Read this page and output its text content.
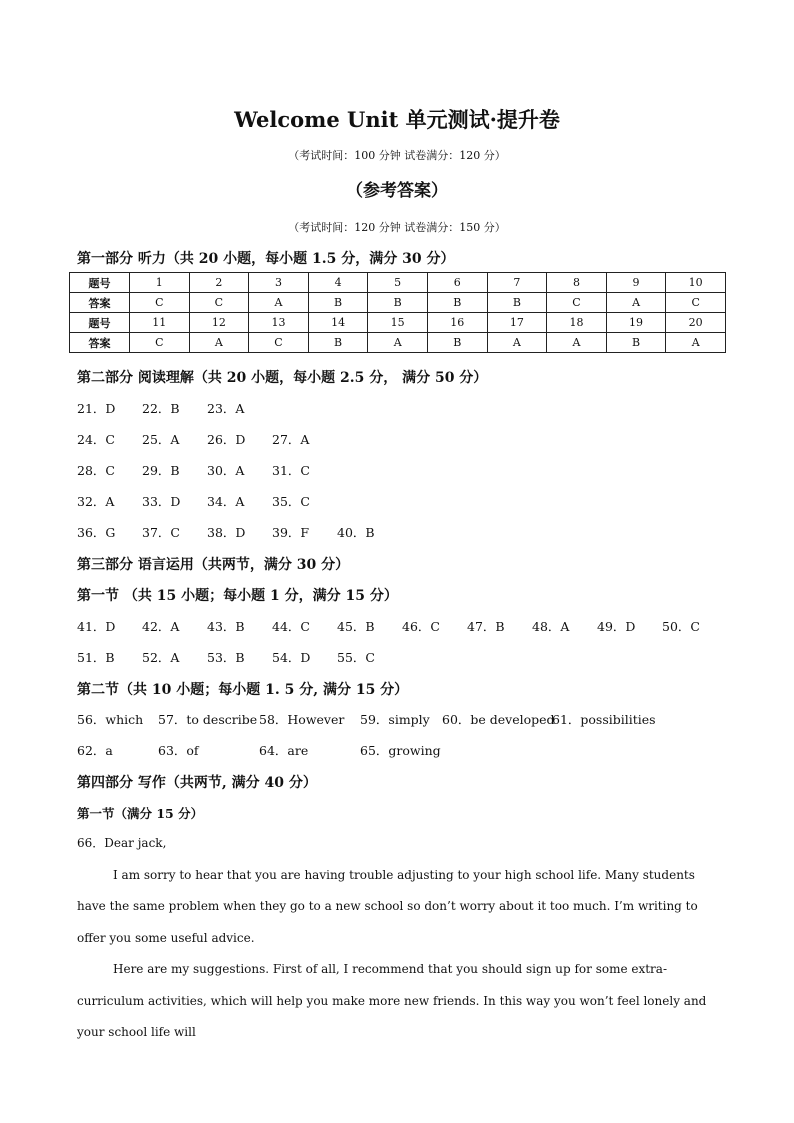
Welcome Unit 单元测试·提升卷
（考试时间：100 分钟 试卷满分：120 分）
（参考答案）
（考试时间：120 分钟 试卷满分：150 分）
第一部分 听力（共 20 小题，每小题 1.5 分，满分 30 分）
题号	1	2	3	4	5	6	7	8	9	10
答案	C	C	A	B	B	B	B	C	A	C
题号	11	12	13	14	15	16	17	18	19	20
答案	C	A	C	B	A	B	A	A	B	A
第二部分 阅读理解（共 20 小题，每小题 2.5 分， 满分 50 分）
21．D 22．B 23．A
24．C 25．A 26．D 27．A
28．C 29．B 30．A 31．C
32．A 33．D 34．A 35．C
36．G 37．C 38．D 39．F 40．B
第三部分 语言运用（共两节，满分 30 分）
第一节 （共 15 小题；每小题 1 分，满分 15 分）
41．D 42．A 43．B 44．C 45．B 46．C 47．B 48．A 49．D 50．C
51．B 52．A 53．B 54．D 55．C
第二节（共 10 小题；每小题 1. 5 分, 满分 15 分）
56．which 57．to describe 58．However 59．simply 60．be developed61．possibilities
62．a	63．of	64．are	65．growing
第四部分 写作（共两节, 满分 40 分）
第一节（满分 15 分）

66．Dear jack,

I am sorry to hear that you are having trouble adjusting to your high school life. Many students have the same problem when they go to a new school so don’t worry about it too much. I’m writing to offer you some useful advice.

Here are my suggestions. First of all, I recommend that you should sign up for some extra-curriculum activities, which will help you make more new friends. In this way you won’t feel lonely and your school life will
